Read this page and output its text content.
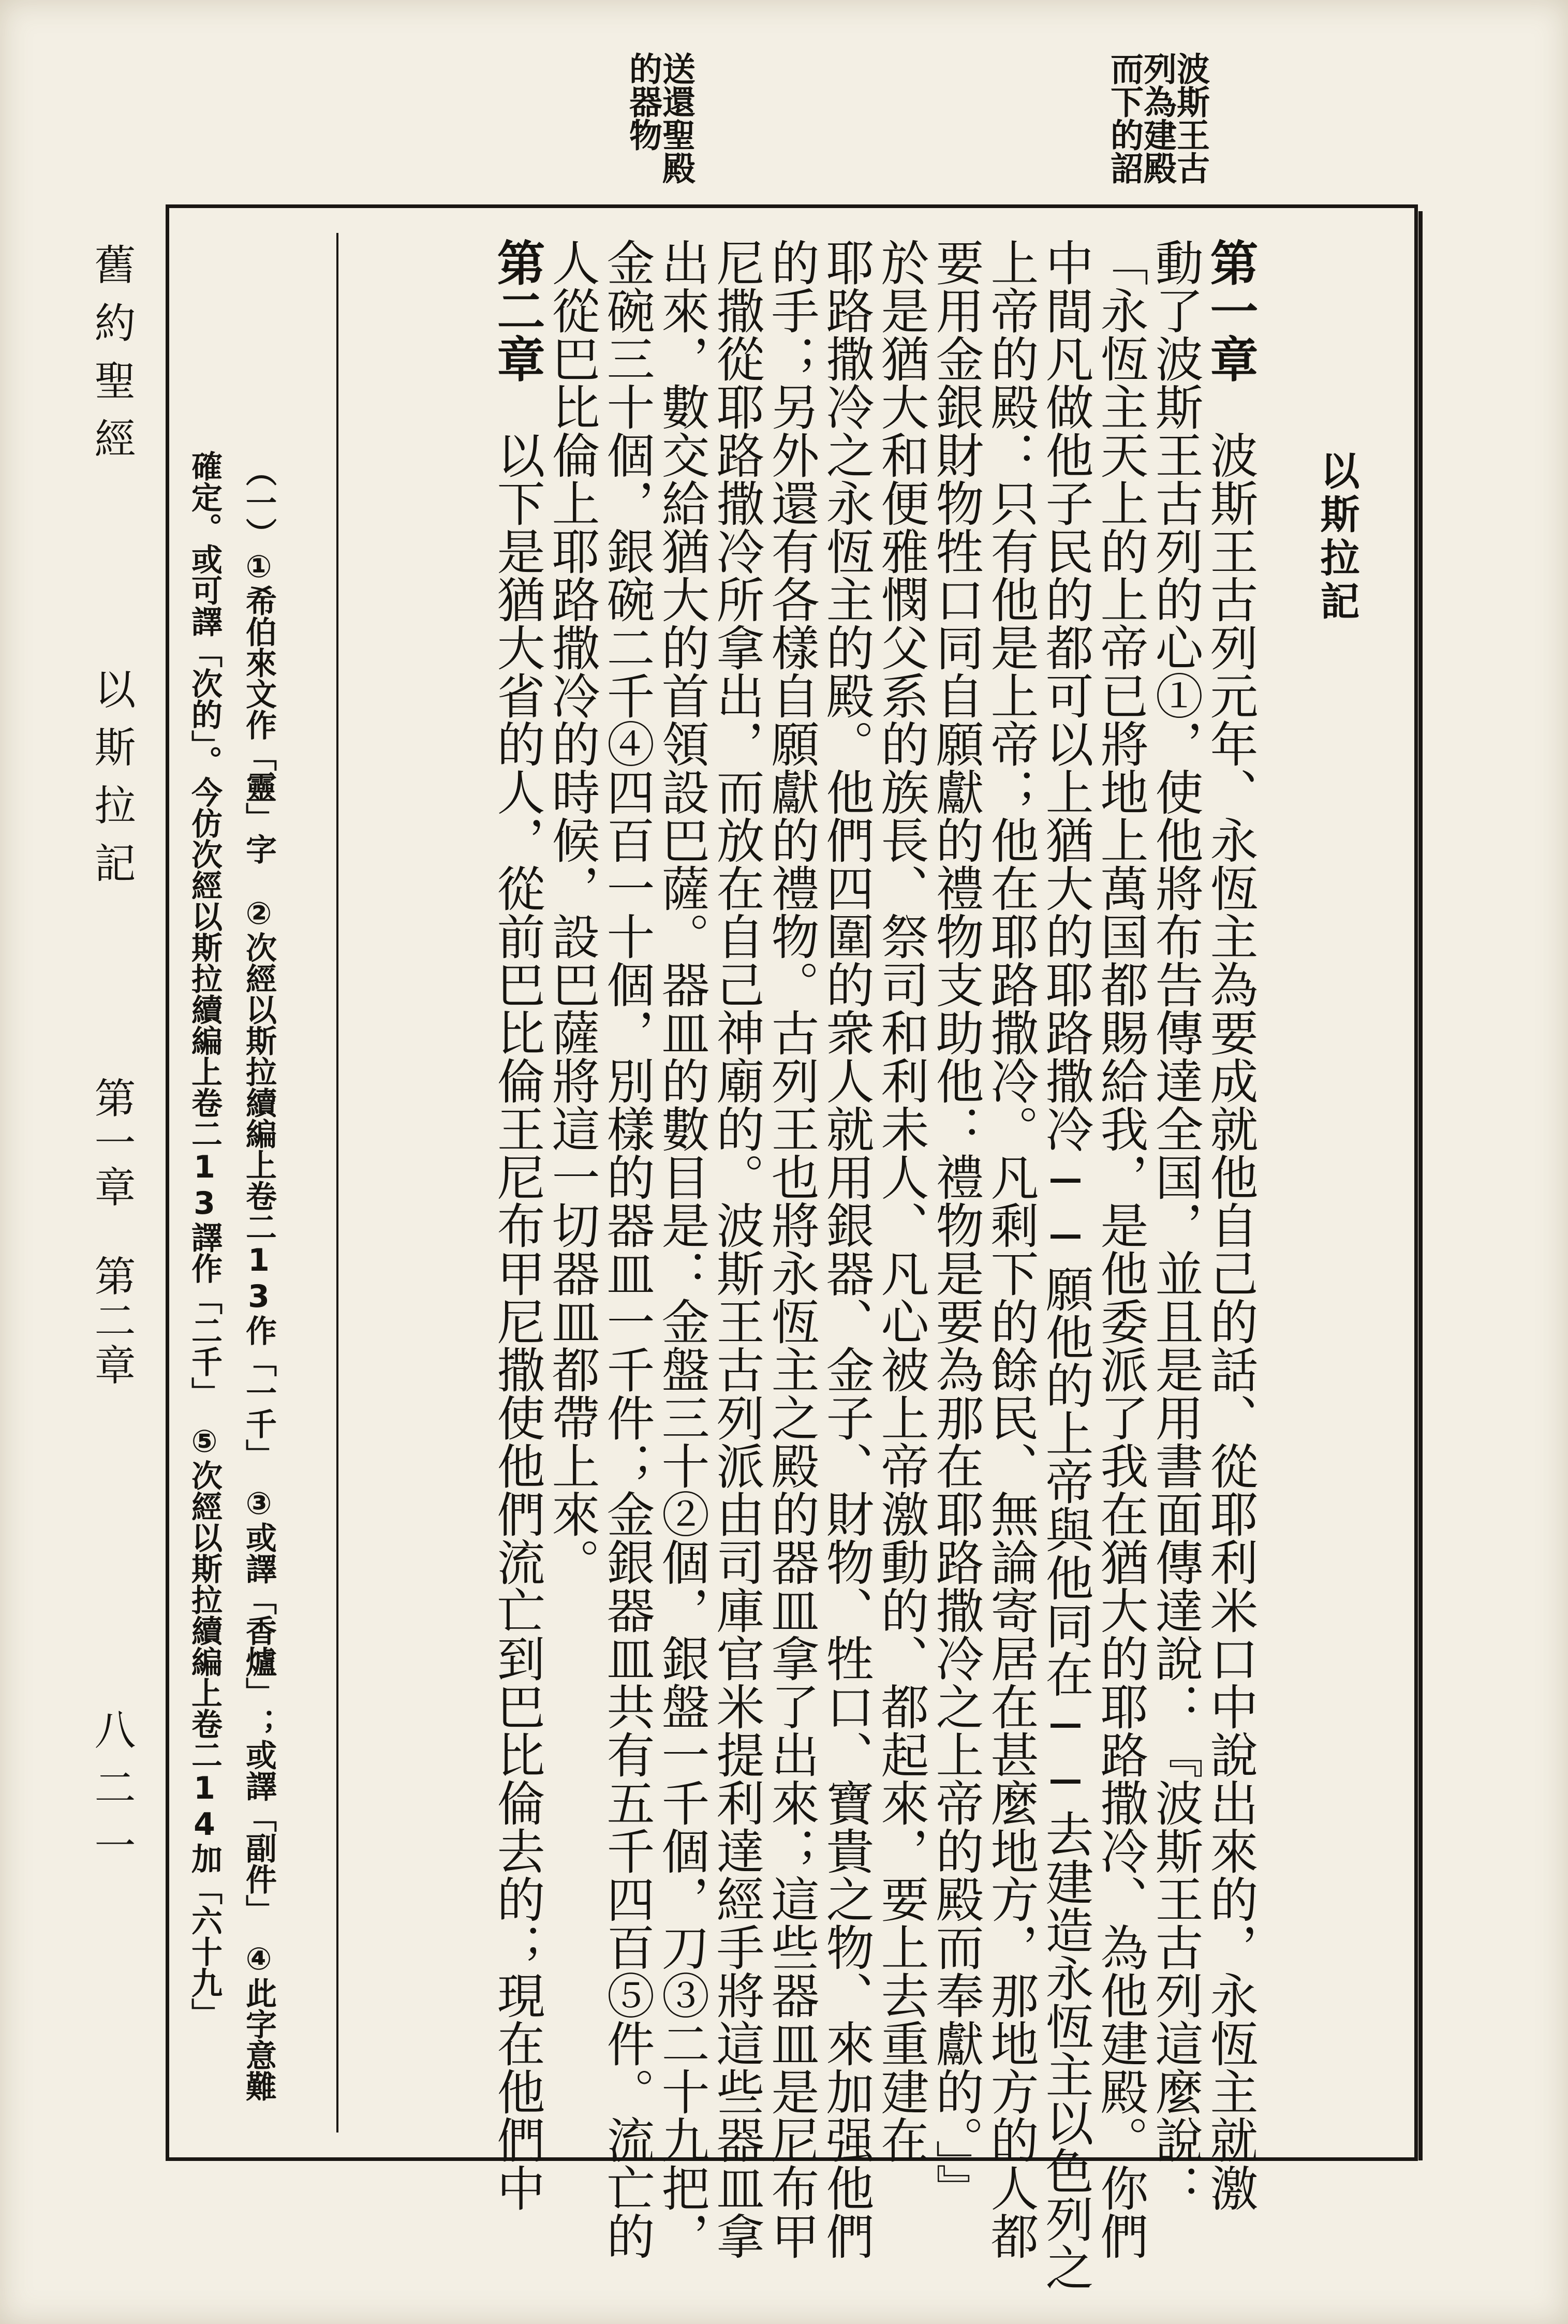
波斯王古列為建殿而下的詔
送還聖殿的器物
以斯拉記
第一章　波斯王古列元年、永恆主為要成就他自己的話、從耶利米口中說出來的，永恆主就激
動了波斯王古列的心①，使他將布告傳達全国，並且是用書面傳達說：『波斯王古列這麼說：
「永恆主天上的上帝已將地上萬国都賜給我，是他委派了我在猶大的耶路撒冷、為他建殿。你們
中間凡做他子民的都可以上猶大的耶路撒冷──願他的上帝與他同在──去建造永恆主以色列之
上帝的殿：只有他是上帝；他在耶路撒冷。凡剩下的餘民、無論寄居在甚麼地方，那地方的人都
要用金銀財物牲口同自願獻的禮物支助他：禮物是要為那在耶路撒冷之上帝的殿而奉獻的。」』
於是猶大和便雅憫父系的族長、祭司和利未人、凡心被上帝激動的、都起來，要上去重建在
耶路撒冷之永恆主的殿。他們四圍的衆人就用銀器、金子、財物、牲口、寶貴之物、來加强他們
的手；另外還有各樣自願獻的禮物。古列王也將永恆主之殿的器皿拿了出來；這些器皿是尼布甲
尼撒從耶路撒冷所拿出，而放在自己神廟的。波斯王古列派由司庫官米提利達經手將這些器皿拿
出來，數交給猶大的首領設巴薩。器皿的數目是：金盤三十②個，銀盤一千個，刀③二十九把，
金碗三十個，銀碗二千④四百一十個，別樣的器皿一千件；金銀器皿共有五千四百⑤件。流亡的
人從巴比倫上耶路撒冷的時候，設巴薩將這一切器皿都帶上來。
第二章　以下是猶大省的人，從前巴比倫王尼布甲尼撒使他們流亡到巴比倫去的；現在他們中
（一）①希伯來文作「靈」字　②次經以斯拉續編上卷二13作「一千」　③或譯「香爐」；或譯「副件」　④此字意難
確定。或可譯「次的」。今仿次經以斯拉續編上卷二13譯作「二千」　⑤次經以斯拉續編上卷二14加「六十九」
舊約聖經
以斯拉記
第一章　第二章
八二一
